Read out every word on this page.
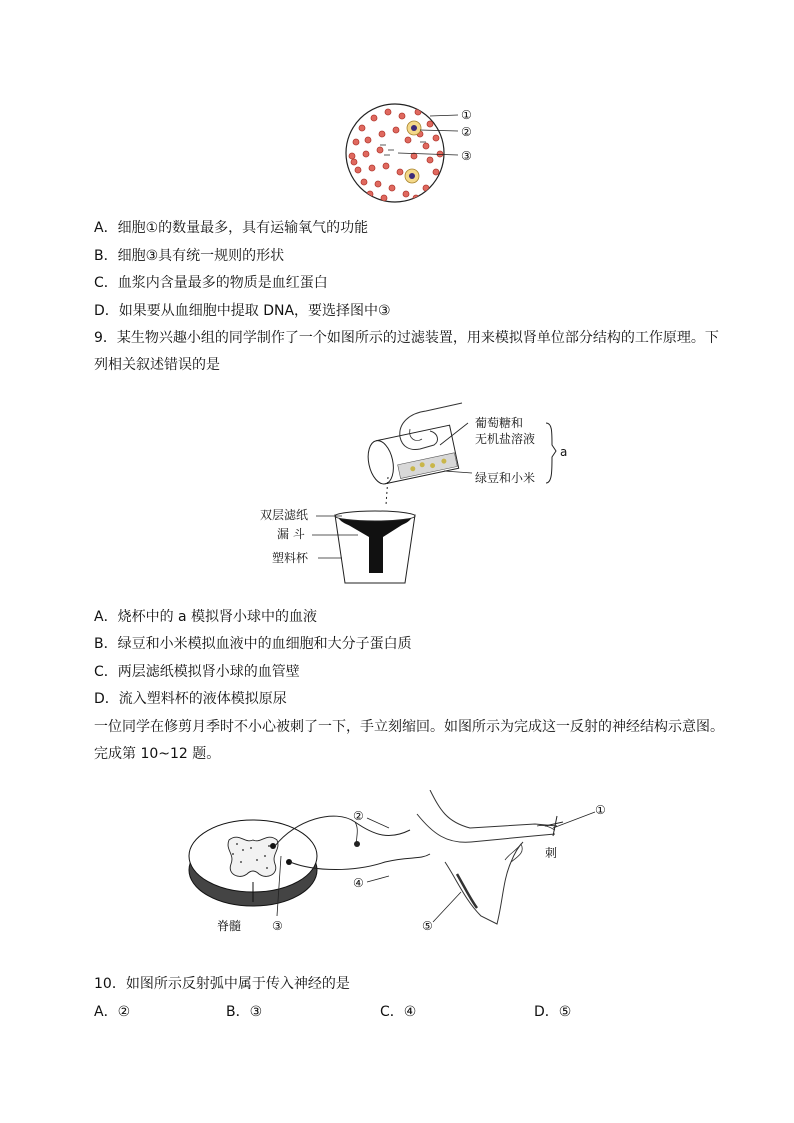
①
②
③
A．细胞①的数量最多，具有运输氧气的功能
B．细胞③具有统一规则的形状
C．血浆内含量最多的物质是血红蛋白
D．如果要从血细胞中提取 DNA，要选择图中③
9．某生物兴趣小组的同学制作了一个如图所示的过滤装置，用来模拟肾单位部分结构的工作原理。下
列相关叙述错误的是
葡萄糖和
无机盐溶液
绿豆和小米
a
双层滤纸
漏 斗
塑料杯
A．烧杯中的 a 模拟肾小球中的血液
B．绿豆和小米模拟血液中的血细胞和大分子蛋白质
C．两层滤纸模拟肾小球的血管壁
D．流入塑料杯的液体模拟原尿
一位同学在修剪月季时不小心被刺了一下，手立刻缩回。如图所示为完成这一反射的神经结构示意图。
完成第 10~12 题。
①
②
④
⑤
③
刺
脊髓
10．如图所示反射弧中属于传入神经的是
A．②	B．③	C．④	D．⑤
